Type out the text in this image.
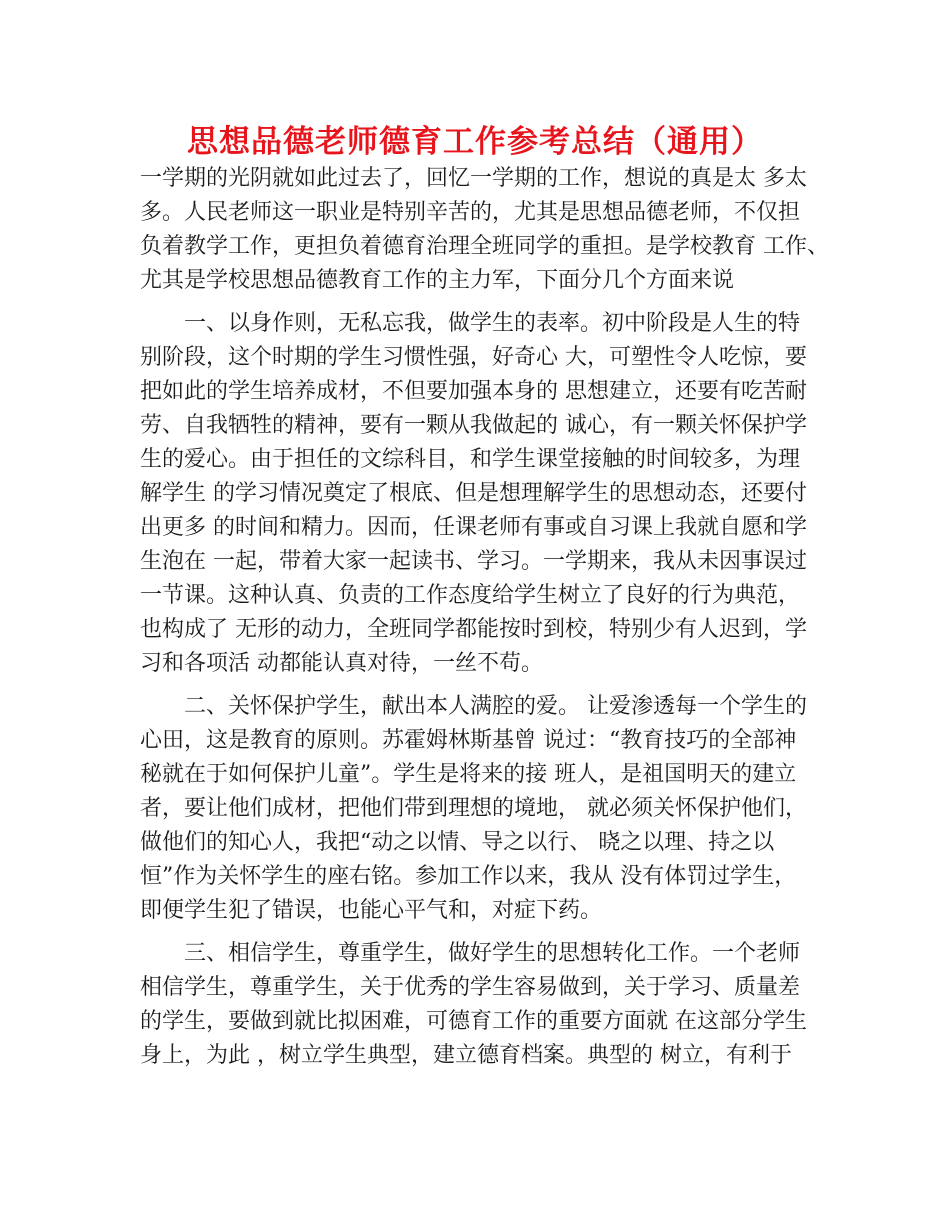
思想品德老师德育工作参考总结（通用）
一学期的光阴就如此过去了，回忆一学期的工作，想说的真是太 多太
多。人民老师这一职业是特别辛苦的，尤其是思想品德老师，不仅担
负着教学工作，更担负着德育治理全班同学的重担。是学校教育 工作、
尤其是学校思想品德教育工作的主力军，下面分几个方面来说
　　一、以身作则，无私忘我，做学生的表率。初中阶段是人生的特
别阶段，这个时期的学生习惯性强，好奇心 大，可塑性令人吃惊，要
把如此的学生培养成材，不但要加强本身的 思想建立，还要有吃苦耐
劳、自我牺牲的精神，要有一颗从我做起的 诚心，有一颗关怀保护学
生的爱心。由于担任的文综科目，和学生课堂接触的时间较多，为理
解学生 的学习情况奠定了根底、但是想理解学生的思想动态，还要付
出更多 的时间和精力。因而，任课老师有事或自习课上我就自愿和学
生泡在 一起，带着大家一起读书、学习。一学期来，我从未因事误过
一节课。这种认真、负责的工作态度给学生树立了良好的行为典范，
也构成了 无形的动力，全班同学都能按时到校，特别少有人迟到，学
习和各项活 动都能认真对待，一丝不苟。
　　二、关怀保护学生，献出本人满腔的爱。 让爱渗透每一个学生的
心田，这是教育的原则。苏霍姆林斯基曾 说过：“教育技巧的全部神
秘就在于如何保护儿童”。学生是将来的接 班人，是祖国明天的建立
者，要让他们成材，把他们带到理想的境地， 就必须关怀保护他们，
做他们的知心人，我把“动之以情、导之以行、 晓之以理、持之以
恒”作为关怀学生的座右铭。参加工作以来，我从 没有体罚过学生，
即便学生犯了错误，也能心平气和，对症下药。
　　三、相信学生，尊重学生，做好学生的思想转化工作。一个老师
相信学生，尊重学生，关于优秀的学生容易做到，关于学习、质量差
的学生，要做到就比拟困难，可德育工作的重要方面就 在这部分学生
身上，为此 ，树立学生典型，建立德育档案。典型的 树立，有利于
